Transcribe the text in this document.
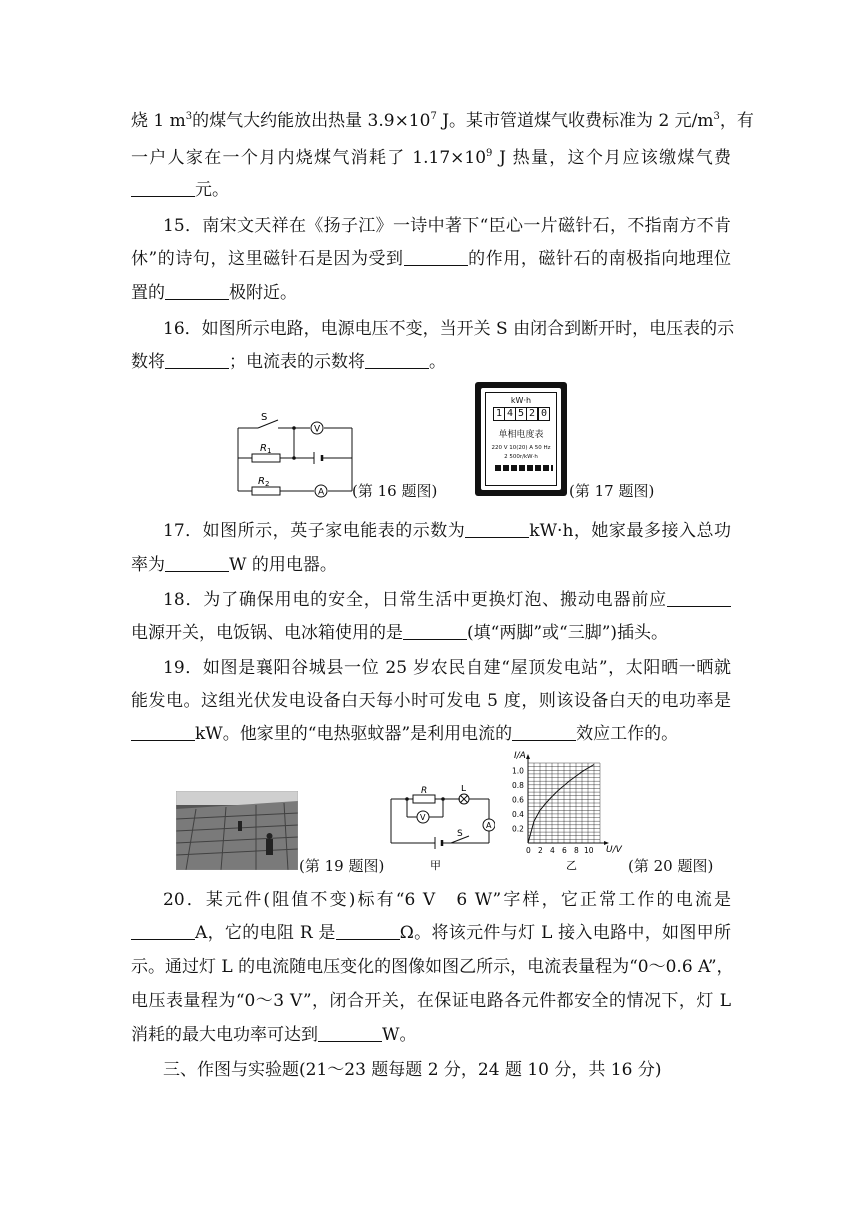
烧 1 $m^3$的煤气大约能放出热量 $3.9\times 10^7$ J。某市管道煤气收费标准为 2 元$/m^3$，有
一户人家在一个月内烧煤气消耗了 $1.17\times 10^9$ J 热量，这个月应该缴煤气费
元。
15．南宋文天祥在《扬子江》一诗中著下“臣心一片磁针石，不指南方不肯
休”的诗句，这里磁针石是因为受到	的作用，磁针石的南极指向地理位
置的	极附近。
16．如图所示电路，电源电压不变，当开关 S 由闭合到断开时，电压表的示
数将	；电流表的示数将	。
S
V
R 1
R 2
A (第 16 题图)
kW·h
1 4 5 2 0
单相电度表
220 V 10(20) A 50 Hz
2 500r/kW·h
(第 17 题图)
17．如图所示，英子家电能表的示数为	kW·h，她家最多接入总功
率为	W 的用电器。
18．为了确保用电的安全，日常生活中更换灯泡、搬动电器前应
电源开关，电饭锅、电冰箱使用的是	(填“两脚”或“三脚”)插头。
19．如图是襄阳谷城县一位 25 岁农民自建“屋顶发电站”，太阳晒一晒就
能发电。这组光伏发电设备白天每小时可发电 5 度，则该设备白天的电功率是
kW。他家里的“电热驱蚊器”是利用电流的	效应工作的。
(第 19 题图)
R	L
V
A
S
甲
0 2 4 6 8 10
0.2
0.4
0.6
0.8
1.0
I/A
U/V
乙	(第 20 题图)
20．某元件(阻值不变)标有“6 V　6 W”字样，它正常工作的电流是
A，它的电阻 R 是	Ω。将该元件与灯 L 接入电路中，如图甲所
示。通过灯 L 的电流随电压变化的图像如图乙所示，电流表量程为“0～0.6 A”，
电压表量程为“0～3 V”，闭合开关，在保证电路各元件都安全的情况下，灯 L
消耗的最大电功率可达到	W。
三、作图与实验题(21～23 题每题 2 分，24 题 10 分，共 16 分)
